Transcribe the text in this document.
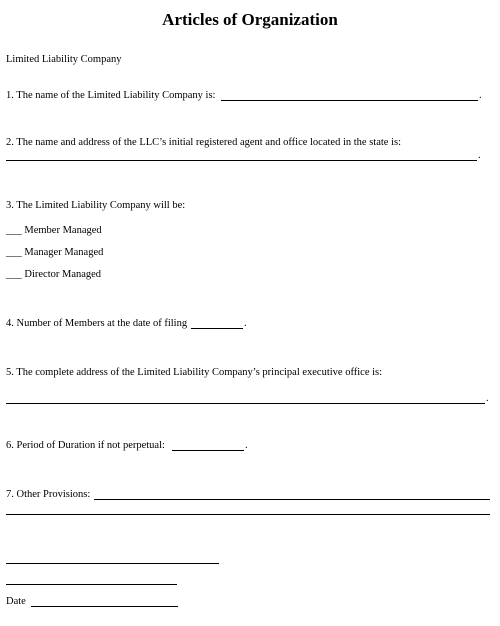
Articles of Organization
Limited Liability Company
1. The name of the Limited Liability Company is:	.
2. The name and address of the LLC’s initial registered agent and office located in the state is:
.
3. The Limited Liability Company will be:
___ Member Managed
___ Manager Managed
___ Director Managed
4. Number of Members at the date of filing	.
5. The complete address of the Limited Liability Company’s principal executive office is:
.
6. Period of Duration if not perpetual:	.
7. Other Provisions:
Date
